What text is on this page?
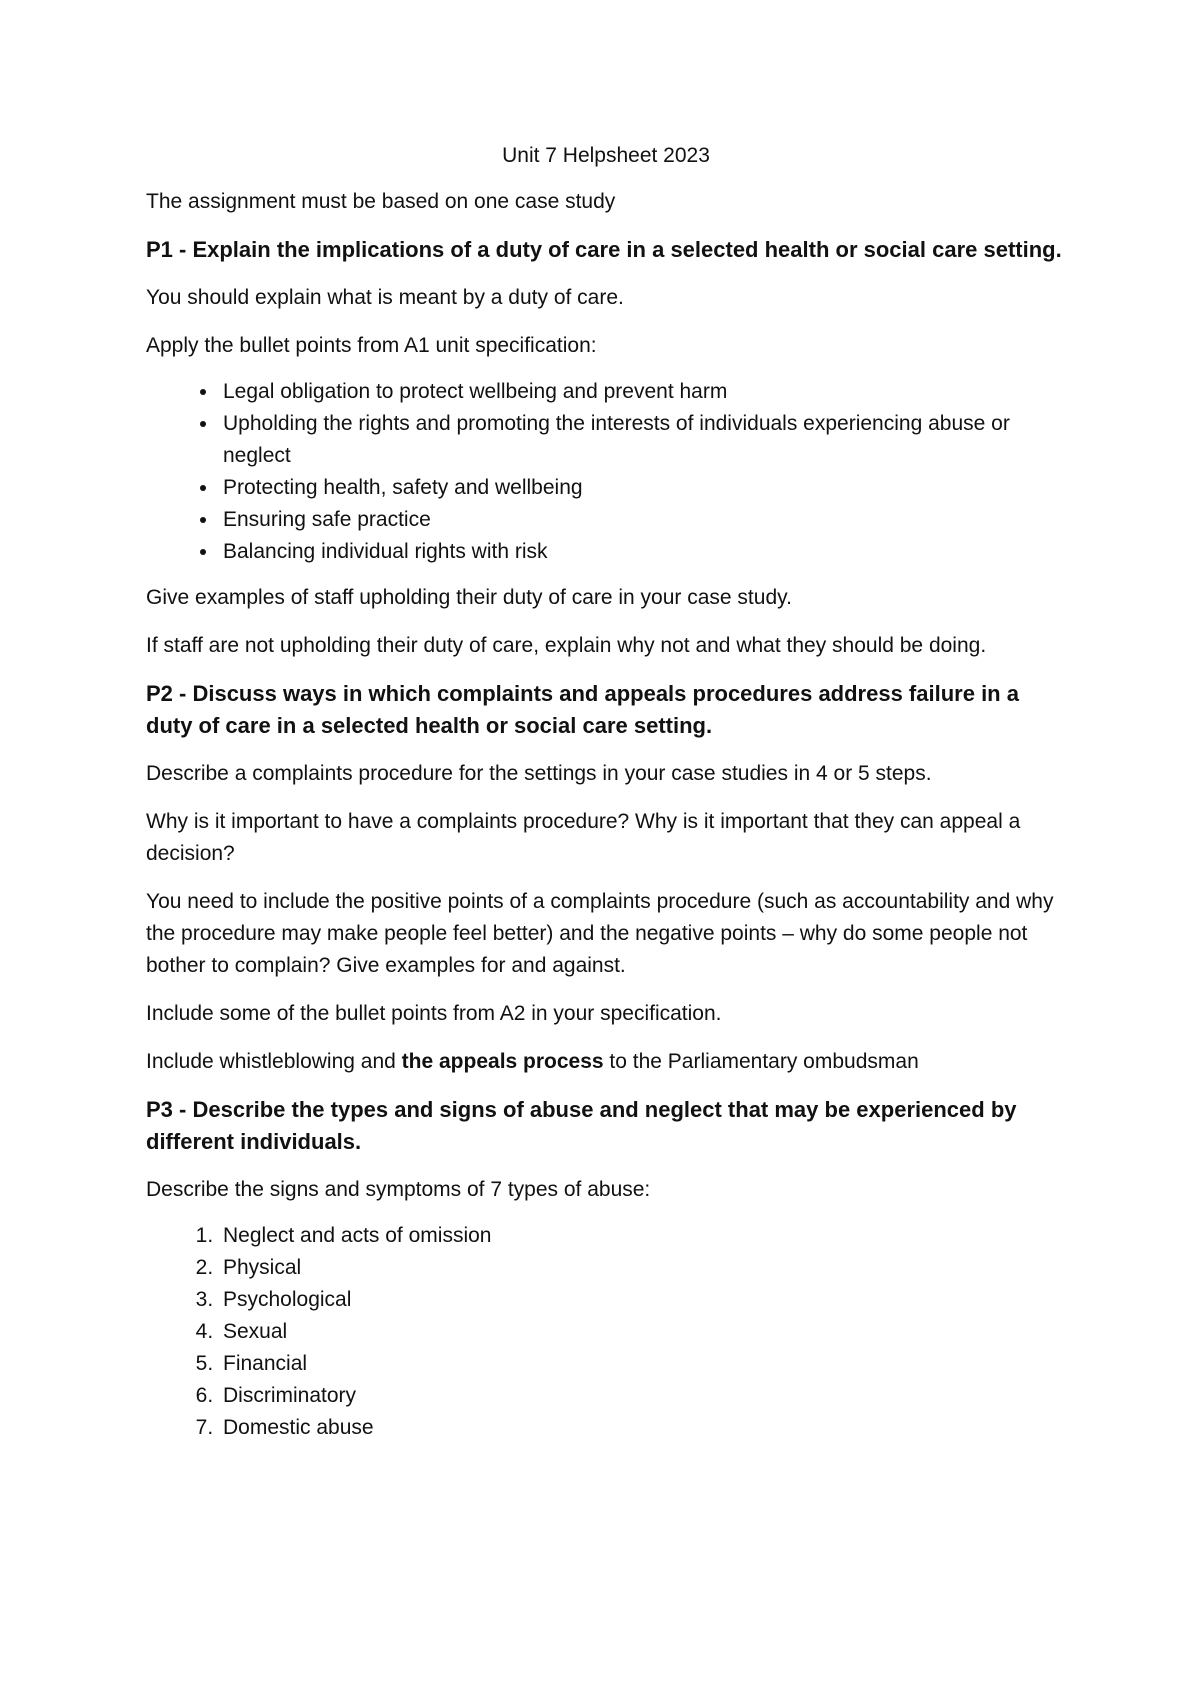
Unit 7 Helpsheet 2023

The assignment must be based on one case study

P1 - Explain the implications of a duty of care in a selected health or social care setting.

You should explain what is meant by a duty of care.

Apply the bullet points from A1 unit specification:

• Legal obligation to protect wellbeing and prevent harm
• Upholding the rights and promoting the interests of individuals experiencing abuse or neglect
• Protecting health, safety and wellbeing
• Ensuring safe practice
• Balancing individual rights with risk

Give examples of staff upholding their duty of care in your case study.

If staff are not upholding their duty of care, explain why not and what they should be doing.

P2 - Discuss ways in which complaints and appeals procedures address failure in a duty of care in a selected health or social care setting.

Describe a complaints procedure for the settings in your case studies in 4 or 5 steps.

Why is it important to have a complaints procedure? Why is it important that they can appeal a decision?

You need to include the positive points of a complaints procedure (such as accountability and why the procedure may make people feel better) and the negative points – why do some people not bother to complain? Give examples for and against.

Include some of the bullet points from A2 in your specification.

Include whistleblowing and the appeals process to the Parliamentary ombudsman

P3 - Describe the types and signs of abuse and neglect that may be experienced by different individuals.

Describe the signs and symptoms of 7 types of abuse:

1. Neglect and acts of omission
2. Physical
3. Psychological
4. Sexual
5. Financial
6. Discriminatory
7. Domestic abuse
